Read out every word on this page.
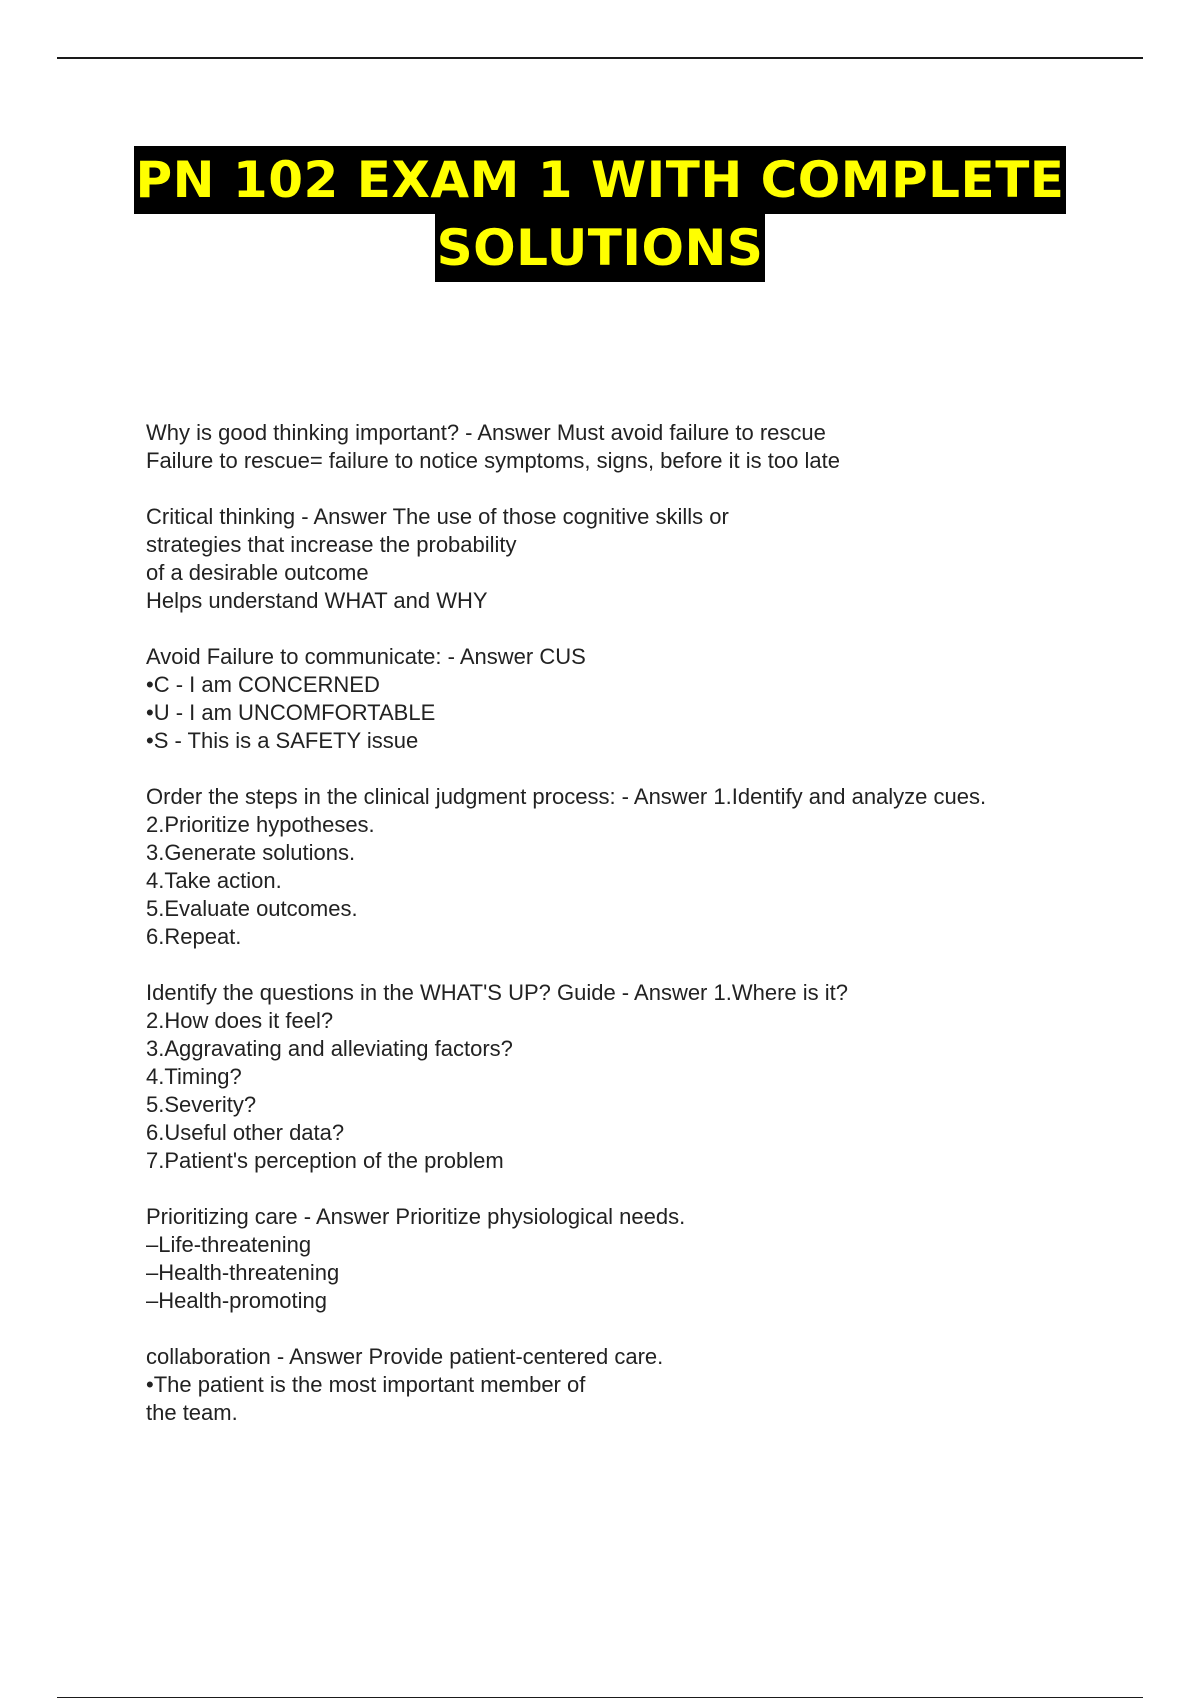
PN 102 EXAM 1 WITH COMPLETE
SOLUTIONS
Why is good thinking important? - Answer Must avoid failure to rescue
Failure to rescue= failure to notice symptoms, signs, before it is too late
Critical thinking - Answer The use of those cognitive skills or
strategies that increase the probability
of a desirable outcome
Helps understand WHAT and WHY
Avoid Failure to communicate: - Answer CUS
•C - I am CONCERNED
•U - I am UNCOMFORTABLE
•S - This is a SAFETY issue
Order the steps in the clinical judgment process: - Answer 1.Identify and analyze cues.
2.Prioritize hypotheses.
3.Generate solutions.
4.Take action.
5.Evaluate outcomes.
6.Repeat.
Identify the questions in the WHAT'S UP? Guide - Answer 1.Where is it?
2.How does it feel?
3.Aggravating and alleviating factors?
4.Timing?
5.Severity?
6.Useful other data?
7.Patient's perception of the problem
Prioritizing care - Answer Prioritize physiological needs.
–Life-threatening
–Health-threatening
–Health-promoting
collaboration - Answer Provide patient-centered care.
•The patient is the most important member of
the team.
